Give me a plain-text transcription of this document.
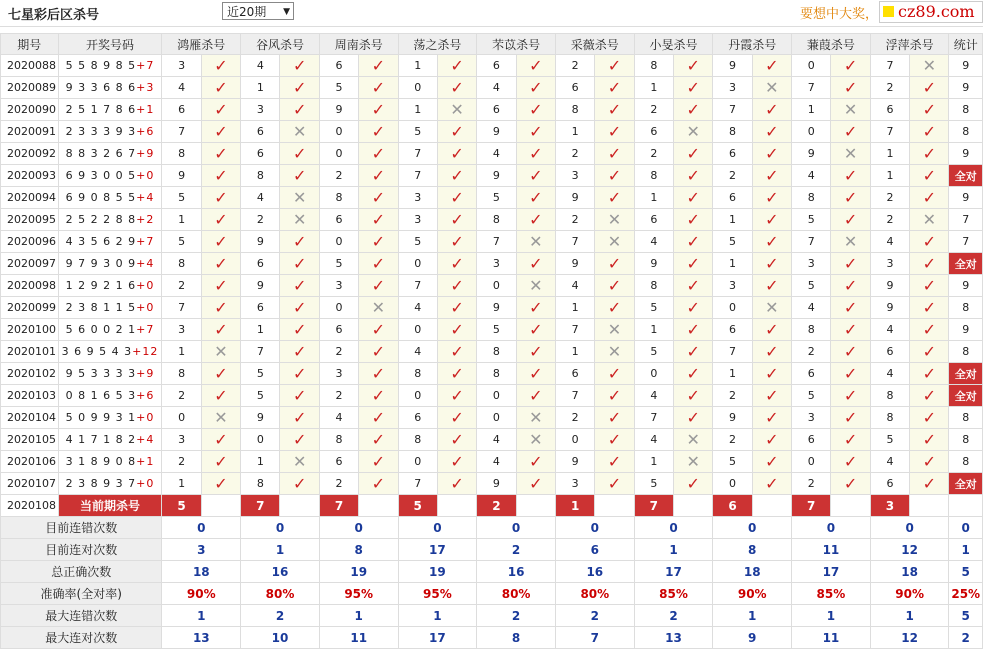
七星彩后区杀号	近20期 ▼	要想中大奖， cz89.com
期号	开奖号码	鸿雁杀号		谷风杀号		周南杀号		荡之杀号		芣苡杀号		采薇杀号		小旻杀号		丹霞杀号		蒹葭杀号		浮萍杀号		统计
2020088	5 5 8 9 8 5+7	3	✓	4	✓	6	✓	1	✓	6	✓	2	✓	8	✓	9	✓	0	✓	7	✕	9
2020089	9 3 3 6 8 6+3	4	✓	1	✓	5	✓	0	✓	4	✓	6	✓	1	✓	3	✕	7	✓	2	✓	9
2020090	2 5 1 7 8 6+1	6	✓	3	✓	9	✓	1	✕	6	✓	8	✓	2	✓	7	✓	1	✕	6	✓	8
2020091	2 3 3 3 9 3+6	7	✓	6	✕	0	✓	5	✓	9	✓	1	✓	6	✕	8	✓	0	✓	7	✓	8
2020092	8 8 3 2 6 7+9	8	✓	6	✓	0	✓	7	✓	4	✓	2	✓	2	✓	6	✓	9	✕	1	✓	9
2020093	6 9 3 0 0 5+0	9	✓	8	✓	2	✓	7	✓	9	✓	3	✓	8	✓	2	✓	4	✓	1	✓	全对
2020094	6 9 0 8 5 5+4	5	✓	4	✕	8	✓	3	✓	5	✓	9	✓	1	✓	6	✓	8	✓	2	✓	9
2020095	2 5 2 2 8 8+2	1	✓	2	✕	6	✓	3	✓	8	✓	2	✕	6	✓	1	✓	5	✓	2	✕	7
2020096	4 3 5 6 2 9+7	5	✓	9	✓	0	✓	5	✓	7	✕	7	✕	4	✓	5	✓	7	✕	4	✓	7
2020097	9 7 9 3 0 9+4	8	✓	6	✓	5	✓	0	✓	3	✓	9	✓	9	✓	1	✓	3	✓	3	✓	全对
2020098	1 2 9 2 1 6+0	2	✓	9	✓	3	✓	7	✓	0	✕	4	✓	8	✓	3	✓	5	✓	9	✓	9
2020099	2 3 8 1 1 5+0	7	✓	6	✓	0	✕	4	✓	9	✓	1	✓	5	✓	0	✕	4	✓	9	✓	8
2020100	5 6 0 0 2 1+7	3	✓	1	✓	6	✓	0	✓	5	✓	7	✕	1	✓	6	✓	8	✓	4	✓	9
2020101	3 6 9 5 4 3+12	1	✕	7	✓	2	✓	4	✓	8	✓	1	✕	5	✓	7	✓	2	✓	6	✓	8
2020102	9 5 3 3 3 3+9	8	✓	5	✓	3	✓	8	✓	8	✓	6	✓	0	✓	1	✓	6	✓	4	✓	全对
2020103	0 8 1 6 5 3+6	2	✓	5	✓	2	✓	0	✓	0	✓	7	✓	4	✓	2	✓	5	✓	8	✓	全对
2020104	5 0 9 9 3 1+0	0	✕	9	✓	4	✓	6	✓	0	✕	2	✓	7	✓	9	✓	3	✓	8	✓	8
2020105	4 1 7 1 8 2+4	3	✓	0	✓	8	✓	8	✓	4	✕	0	✓	4	✕	2	✓	6	✓	5	✓	8
2020106	3 1 8 9 0 8+1	2	✓	1	✕	6	✓	0	✓	4	✓	9	✓	1	✕	5	✓	0	✓	4	✓	8
2020107	2 3 8 9 3 7+0	1	✓	8	✓	2	✓	7	✓	9	✓	3	✓	5	✓	0	✓	2	✓	6	✓	全对
2020108	当前期杀号	5		7		7		5		2		1		7		6		7		3		
目前连错次数		0		0		0		0		0		0		0		0		0		0		0
目前连对次数		3		1		8		17		2		6		1		8		11		12		1
总正确次数		18		16		19		19		16		16		17		18		17		18		5
准确率(全对率)		90%		80%		95%		95%		80%		80%		85%		90%		85%		90%		25%
最大连错次数		1		2		1		1		2		2		2		1		1		1		5
最大连对次数		13		10		11		17		8		7		13		9		11		12		2
